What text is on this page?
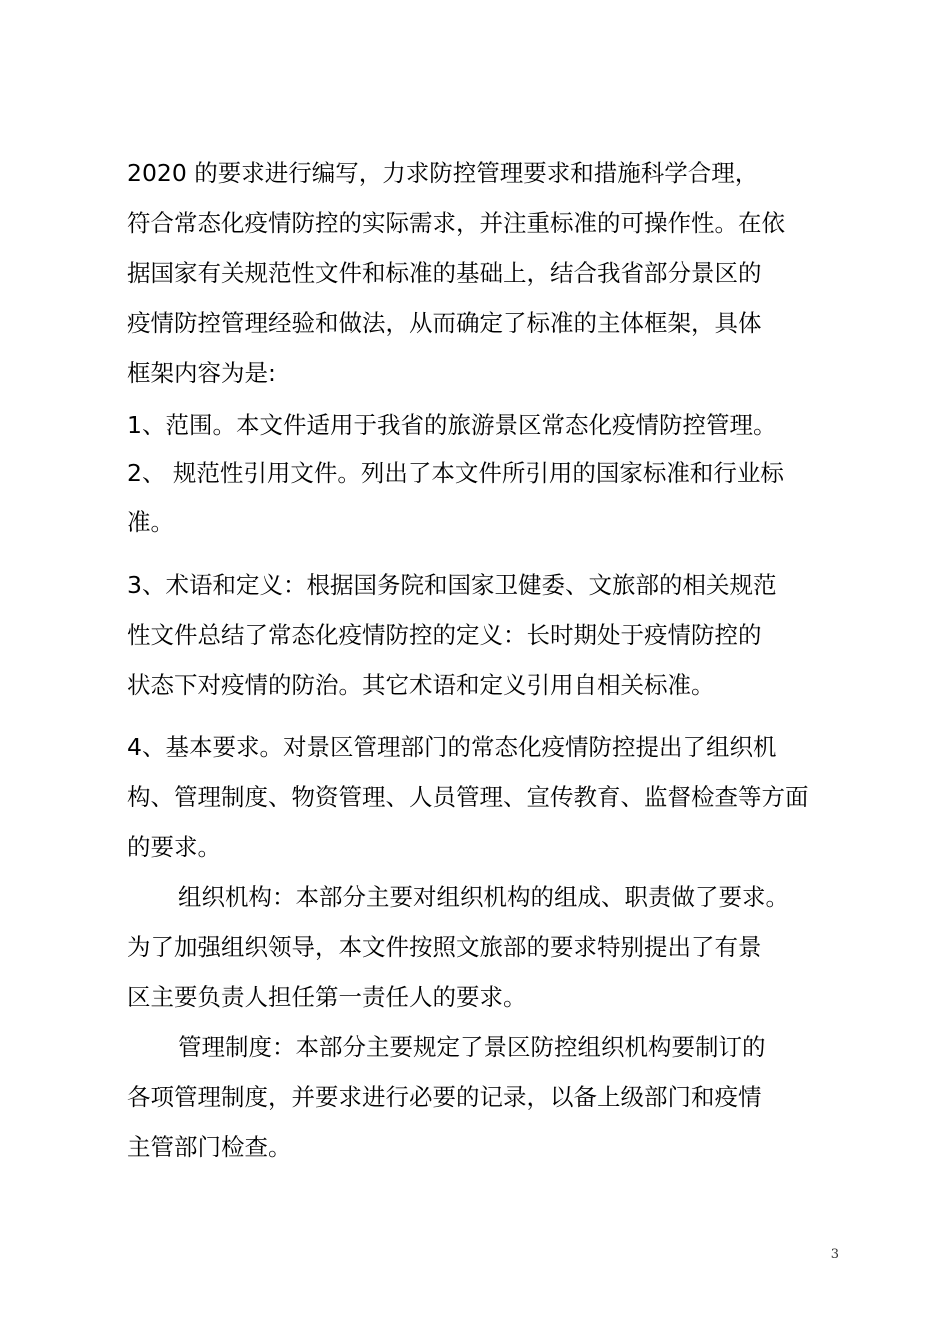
2020 的要求进行编写，力求防控管理要求和措施科学合理，
符合常态化疫情防控的实际需求，并注重标准的可操作性。在依
据国家有关规范性文件和标准的基础上，结合我省部分景区的
疫情防控管理经验和做法，从而确定了标准的主体框架，具体
框架内容为是:
1、范围。本文件适用于我省的旅游景区常态化疫情防控管理。
2、 规范性引用文件。列出了本文件所引用的国家标准和行业标
准。
3、术语和定义：根据国务院和国家卫健委、文旅部的相关规范
性文件总结了常态化疫情防控的定义：长时期处于疫情防控的
状态下对疫情的防治。其它术语和定义引用自相关标准。
4、基本要求。对景区管理部门的常态化疫情防控提出了组织机
构、管理制度、物资管理、人员管理、宣传教育、监督检查等方面
的要求。
组织机构：本部分主要对组织机构的组成、职责做了要求。
为了加强组织领导，本文件按照文旅部的要求特别提出了有景
区主要负责人担任第一责任人的要求。
管理制度：本部分主要规定了景区防控组织机构要制订的
各项管理制度，并要求进行必要的记录，以备上级部门和疫情
主管部门检查。
3
